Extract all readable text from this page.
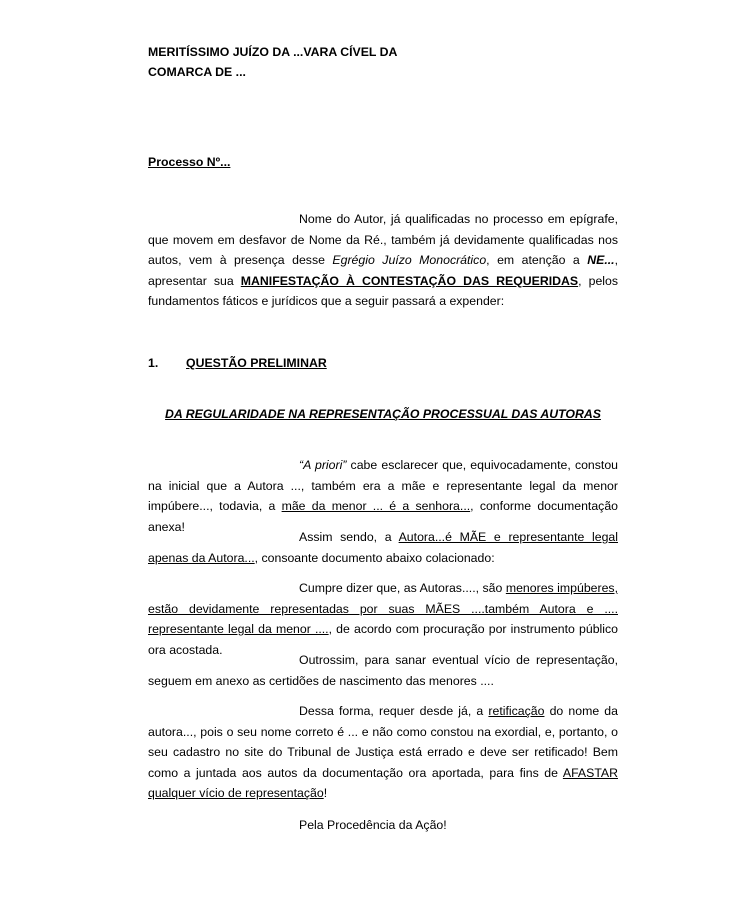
MERITÍSSIMO JUÍZO DA ...VARA CÍVEL DA
COMARCA DE ...
Processo Nº...

Nome do Autor, já qualificadas no processo em epígrafe, que movem em desfavor de Nome da Ré., também já devidamente qualificadas nos autos, vem à presença desse Egrégio Juízo Monocrático, em atenção a NE..., apresentar sua MANIFESTAÇÃO À CONTESTAÇÃO DAS REQUERIDAS, pelos fundamentos fáticos e jurídicos que a seguir passará a expender:

1. QUESTÃO PRELIMINAR
DA REGULARIDADE NA REPRESENTAÇÃO PROCESSUAL DAS AUTORAS

“A priori” cabe esclarecer que, equivocadamente, constou na inicial que a Autora ..., também era a mãe e representante legal da menor impúbere..., todavia, a mãe da menor ... é a senhora..., conforme documentação anexa!

Assim sendo, a Autora...é MÃE e representante legal apenas da Autora..., consoante documento abaixo colacionado:

Cumpre dizer que, as Autoras...., são menores impúberes, estão devidamente representadas por suas MÃES ....também Autora e .... representante legal da menor ...., de acordo com procuração por instrumento público ora acostada.

Outrossim, para sanar eventual vício de representação, seguem em anexo as certidões de nascimento das menores ....

Dessa forma, requer desde já, a retificação do nome da autora..., pois o seu nome correto é ... e não como constou na exordial, e, portanto, o seu cadastro no site do Tribunal de Justiça está errado e deve ser retificado! Bem como a juntada aos autos da documentação ora aportada, para fins de AFASTAR qualquer vício de representação!

Pela Procedência da Ação!
